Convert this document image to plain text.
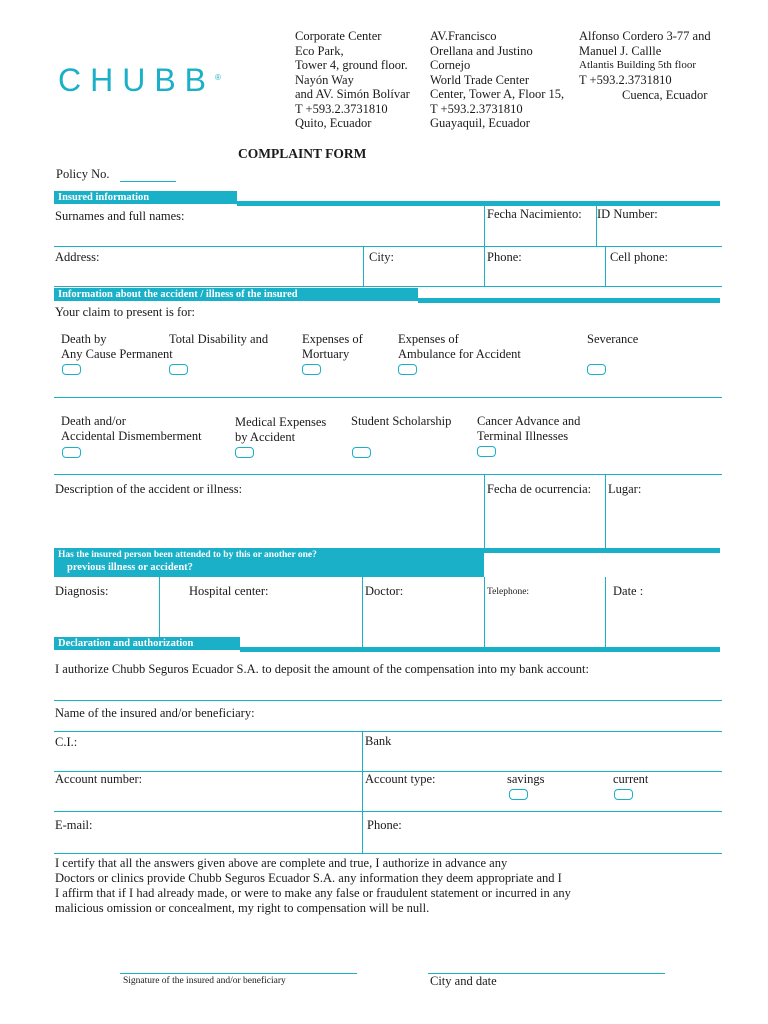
CHUBB®
Corporate Center
Eco Park,
Tower 4, ground floor.
Nayón Way
and AV. Simón Bolívar
T +593.2.3731810
Quito, Ecuador
AV.Francisco
Orellana and Justino
Cornejo
World Trade Center
Center, Tower A, Floor 15,
T +593.2.3731810
Guayaquil, Ecuador
Alfonso Cordero 3-77 and
Manuel J. Callle
Atlantis Building 5th floor
T +593.2.3731810
Cuenca, Ecuador
COMPLAINT FORM
Policy No.
Insured information
Surnames and full names:	Fecha Nacimiento: ID Number:
Address:	City:	Phone:	Cell phone:
Information about the accident / illness of the insured
Your claim to present is for:
Death by
Any Cause Permanent
Total Disability and	Expenses of
Mortuary
Expenses of
Ambulance for Accident
Severance
Death and/or
Accidental Dismemberment
Medical Expenses
by Accident
Student Scholarship Cancer Advance and
Terminal Illnesses
Description of the accident or illness:	Fecha de ocurrencia: Lugar:
Has the insured person been attended to by this or another one?
previous illness or accident?
Diagnosis:	Hospital center:	Doctor:	Telephone:	Date :
Declaration and authorization
I authorize Chubb Seguros Ecuador S.A. to deposit the amount of the compensation into my bank account:
Name of the insured and/or beneficiary:
C.I.:	Bank
Account number:	Account type:	savings	current
E-mail:	Phone:
I certify that all the answers given above are complete and true, I authorize in advance any
Doctors or clinics provide Chubb Seguros Ecuador S.A. any information they deem appropriate and I
I affirm that if I had already made, or were to make any false or fraudulent statement or incurred in any
malicious omission or concealment, my right to compensation will be null.
Signature of the insured and/or beneficiary	City and date
